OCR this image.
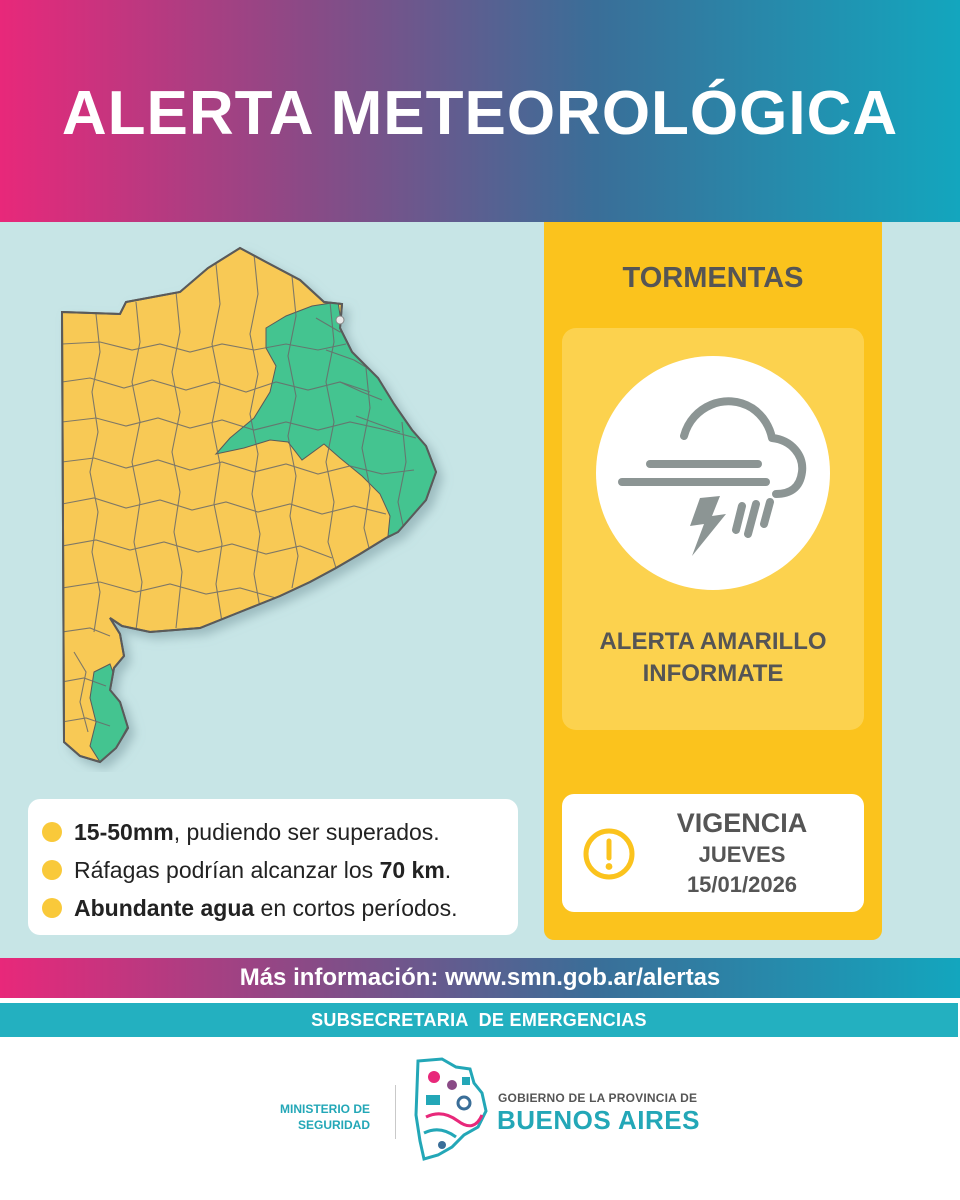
ALERTA METEOROLÓGICA
15-50mm , pudiendo ser superados.
Ráfagas podrían alcanzar los 70 km .
Abundante agua en cortos períodos.
TORMENTAS
ALERTA AMARILLO
INFORMATE
VIGENCIA
JUEVES
15/01/2026
Más información: www.smn.gob.ar/alertas
SUBSECRETARIA  DE EMERGENCIAS
MINISTERIO DE
SEGURIDAD
GOBIERNO DE LA PROVINCIA DE
BUENOS AIRES
